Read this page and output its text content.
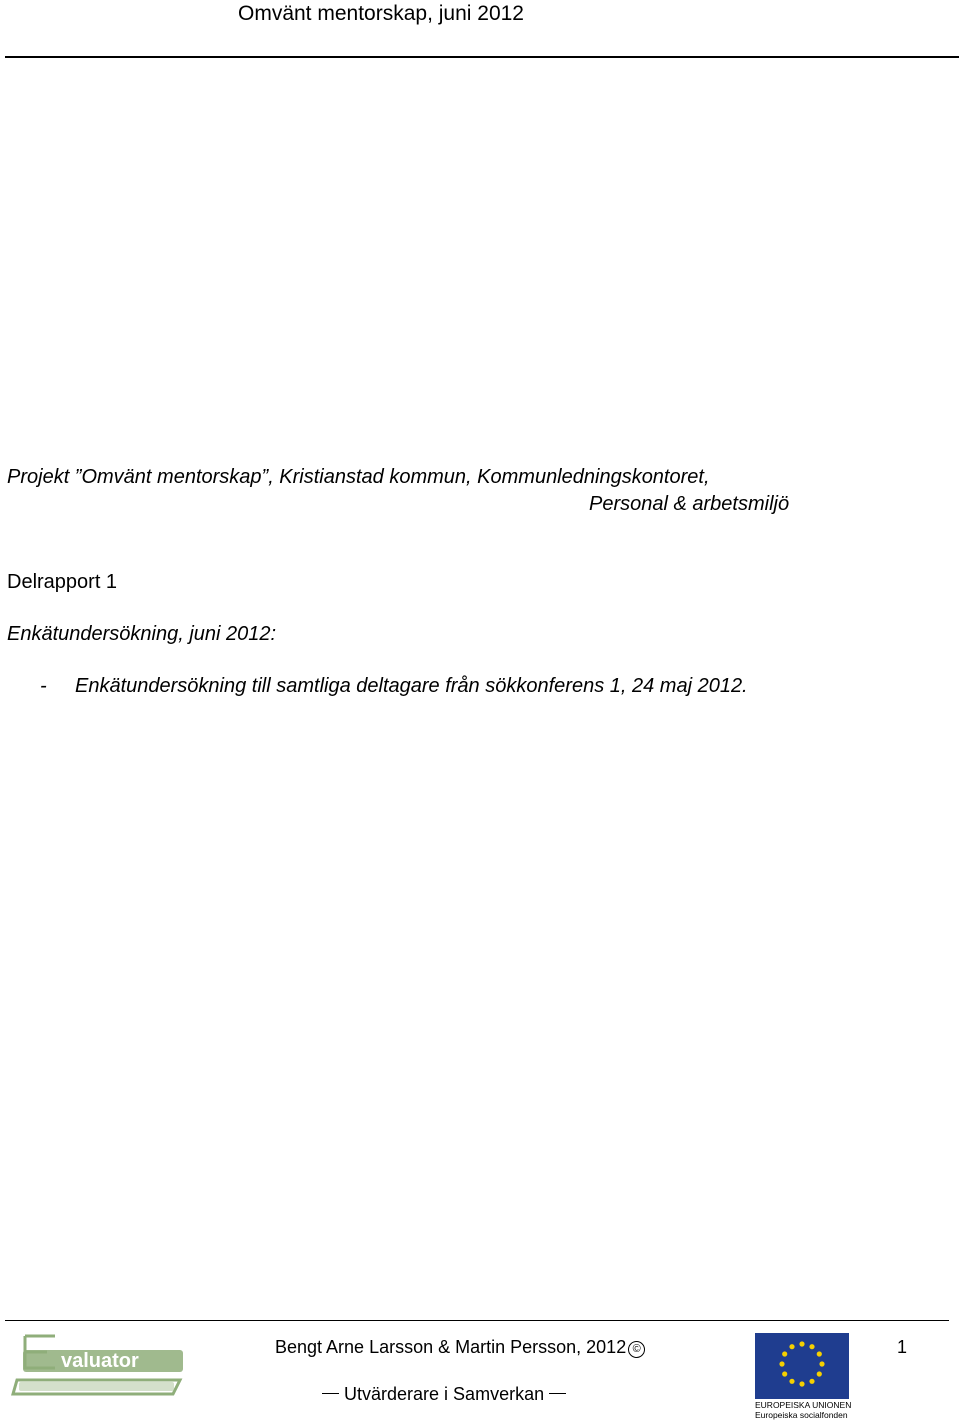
Omvänt mentorskap, juni 2012
Projekt ”Omvänt mentorskap”, Kristianstad kommun, Kommunledningskontoret,
Personal & arbetsmiljö
Delrapport 1
Enkätundersökning, juni 2012:
- Enkätundersökning till samtliga deltagare från sökkonferens 1, 24 maj 2012.
valuator
Bengt Arne Larsson & Martin Persson, 2012 ©	1
Utvärderare i Samverkan
EUROPEISKA UNIONEN
Europeiska socialfonden
